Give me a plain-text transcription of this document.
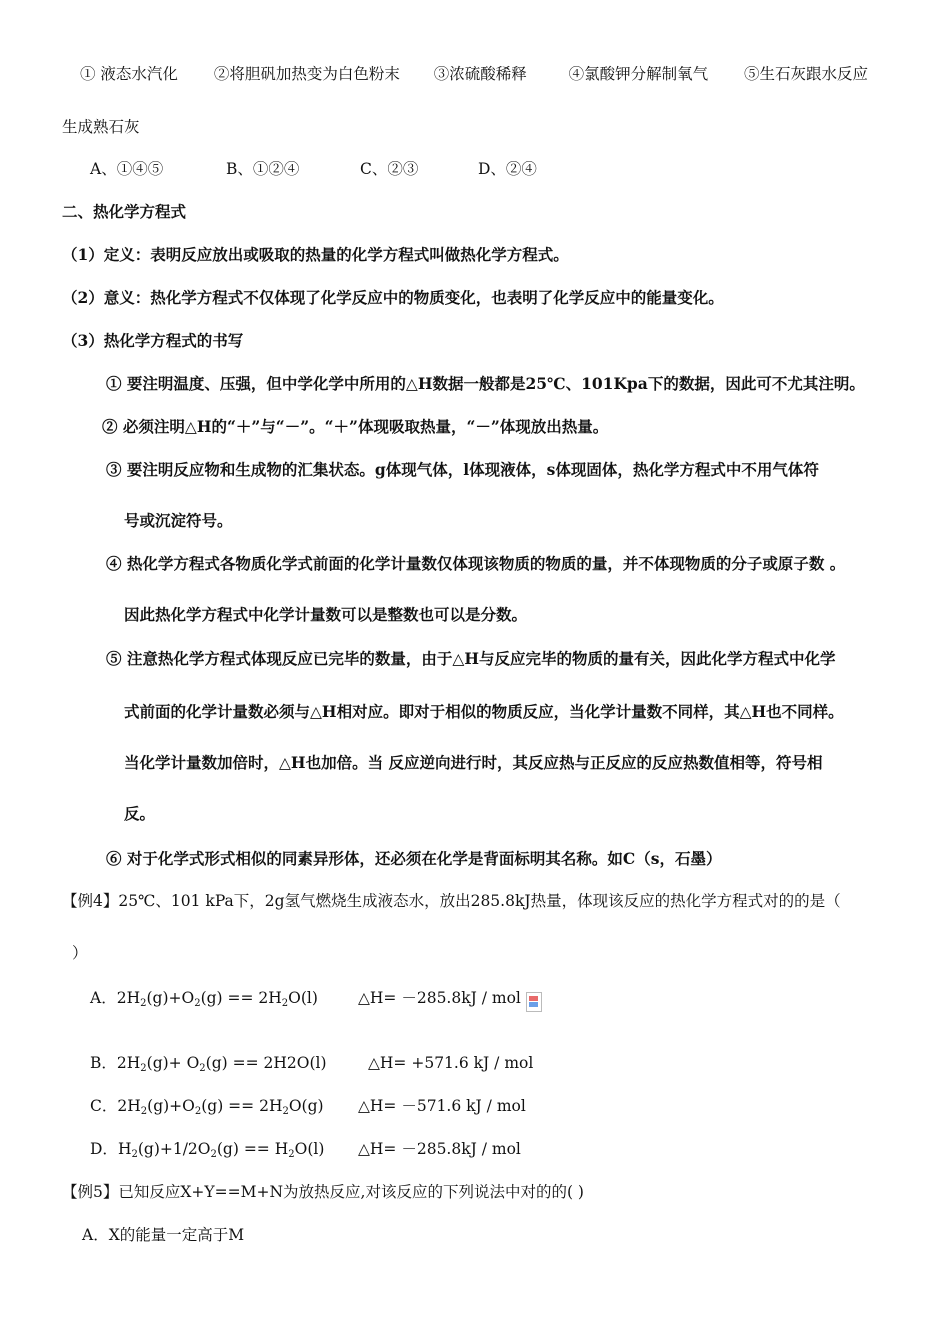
① 液态水汽化 ②将胆矾加热变为白色粉末 ③浓硫酸稀释	④氯酸钾分解制氧气 ⑤生石灰跟水反应
生成熟石灰
A、①④⑤	B、①②④	C、②③	D、②④
二、热化学方程式
（1）定义：表明反应放出或吸取的热量的化学方程式叫做热化学方程式。
（2）意义：热化学方程式不仅体现了化学反应中的物质变化，也表明了化学反应中的能量变化。
（3）热化学方程式的书写
① 要注明温度、压强，但中学化学中所用的△H数据一般都是25℃、101Kpa下的数据，因此可不尤其注明。
② 必须注明△H的“＋”与“－”。“＋”体现吸取热量，“－”体现放出热量。
③ 要注明反应物和生成物的汇集状态。g体现气体，l体现液体，s体现固体，热化学方程式中不用气体符
号或沉淀符号。
④ 热化学方程式各物质化学式前面的化学计量数仅体现该物质的物质的量，并不体现物质的分子或原子数 。
因此热化学方程式中化学计量数可以是整数也可以是分数。
⑤ 注意热化学方程式体现反应已完毕的数量，由于△H与反应完毕的物质的量有关，因此化学方程式中化学
式前面的化学计量数必须与△H相对应。即对于相似的物质反应，当化学计量数不同样，其△H也不同样。
当化学计量数加倍时，△H也加倍。当 反应逆向进行时，其反应热与正反应的反应热数值相等，符号相
反。
⑥ 对于化学式形式相似的同素异形体，还必须在化学是背面标明其名称。如C（s，石墨）
【例4】25℃、101 kPa下，2g氢气燃烧生成液态水，放出285.8kJ热量，体现该反应的热化学方程式对的的是（
）
A．$2H_2(g)+O_2(g) == 2H_2O(l)$	△H= －285.8kJ / mol
B．$2H_2(g)+ O_2(g) == 2H2O(l)$	△H= +571.6 kJ / mol
C．$2H_2(g)+O_2(g) == 2H_2O(g)$ △H= －571.6 kJ / mol
D．$H_2(g)+1/2O_2(g) == H_2O(l)$ △H= －285.8kJ / mol
【例5】已知反应X+Y==M+N为放热反应,对该反应的下列说法中对的的( )
A．X的能量一定高于M
